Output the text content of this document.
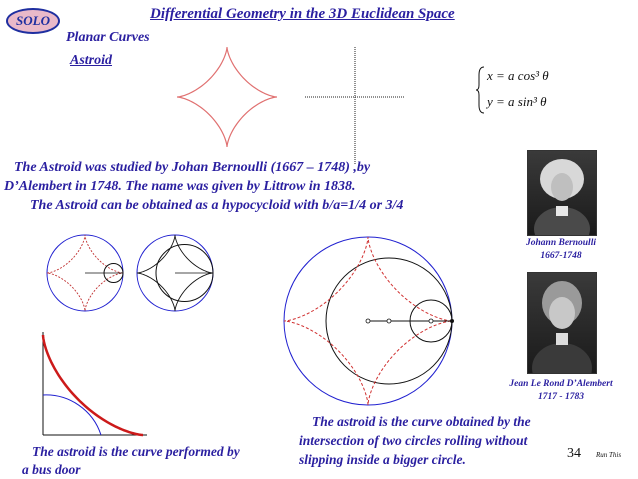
SOLO	Differential Geometry in the 3D Euclidean Space
Planar Curves
Astroid
x = a cos³ θ
y = a sin³ θ
The Astroid was studied by Johan Bernoulli (1667 – 1748) ,by
D’Alembert in 1748. The name was given by Littrow in 1838.
The Astroid can be obtained as a hypocycloid with b/a=1/4 or 3/4
Johann Bernoulli
1667-1748
Jean Le Rond D’Alembert
1717 - 1783
The astroid is the curve performed by
a bus door
The astroid is the curve obtained by the
intersection of two circles rolling without
slipping inside a bigger circle.	34 Run This
